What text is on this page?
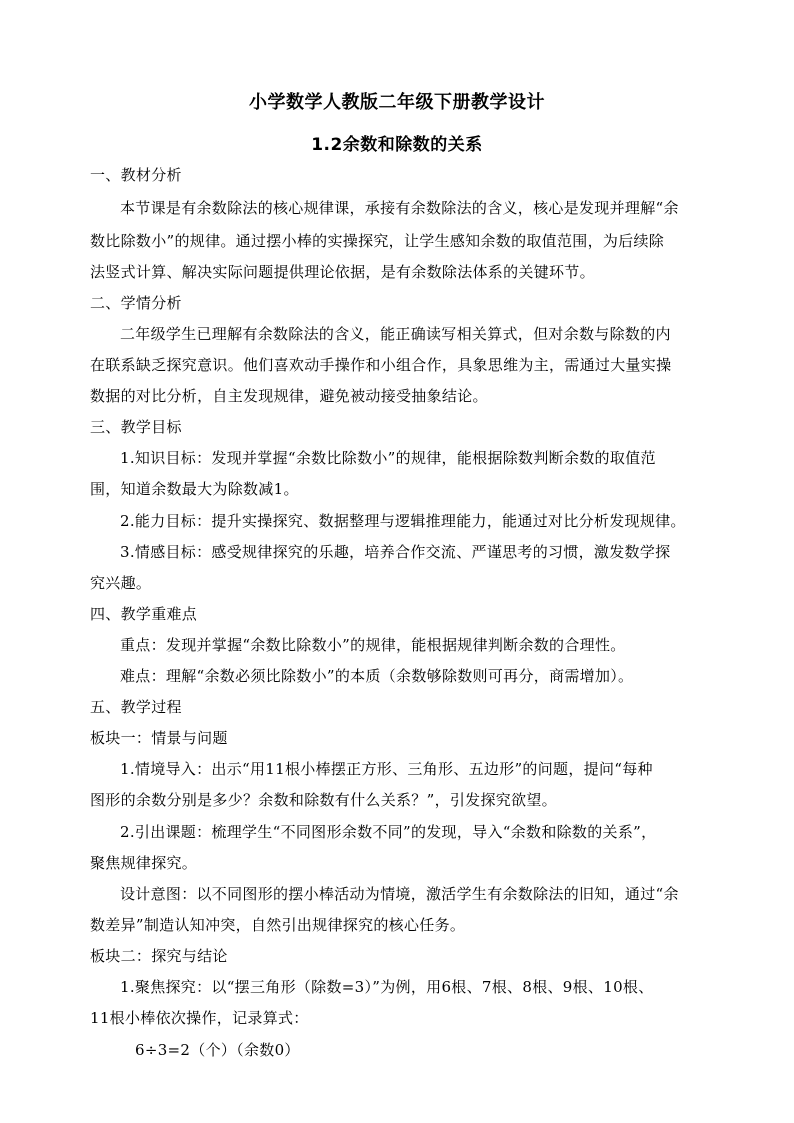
小学数学人教版二年级下册教学设计
1.2余数和除数的关系
一、教材分析
本节课是有余数除法的核心规律课，承接有余数除法的含义，核心是发现并理解“余
数比除数小”的规律。通过摆小棒的实操探究，让学生感知余数的取值范围，为后续除
法竖式计算、解决实际问题提供理论依据，是有余数除法体系的关键环节。
二、学情分析
二年级学生已理解有余数除法的含义，能正确读写相关算式，但对余数与除数的内
在联系缺乏探究意识。他们喜欢动手操作和小组合作，具象思维为主，需通过大量实操
数据的对比分析，自主发现规律，避免被动接受抽象结论。
三、教学目标
1.知识目标：发现并掌握“余数比除数小”的规律，能根据除数判断余数的取值范
围，知道余数最大为除数减1。
2.能力目标：提升实操探究、数据整理与逻辑推理能力，能通过对比分析发现规律。
3.情感目标：感受规律探究的乐趣，培养合作交流、严谨思考的习惯，激发数学探
究兴趣。
四、教学重难点
重点：发现并掌握“余数比除数小”的规律，能根据规律判断余数的合理性。
难点：理解“余数必须比除数小”的本质（余数够除数则可再分，商需增加）。
五、教学过程
板块一：情景与问题
1.情境导入：出示“用11根小棒摆正方形、三角形、五边形”的问题，提问“每种
图形的余数分别是多少？余数和除数有什么关系？”，引发探究欲望。
2.引出课题：梳理学生“不同图形余数不同”的发现，导入“余数和除数的关系”，
聚焦规律探究。
设计意图：以不同图形的摆小棒活动为情境，激活学生有余数除法的旧知，通过“余
数差异”制造认知冲突，自然引出规律探究的核心任务。
板块二：探究与结论
1.聚焦探究：以“摆三角形（除数=3）”为例，用6根、7根、8根、9根、10根、
11根小棒依次操作，记录算式：
6÷3=2（个）（余数0）
